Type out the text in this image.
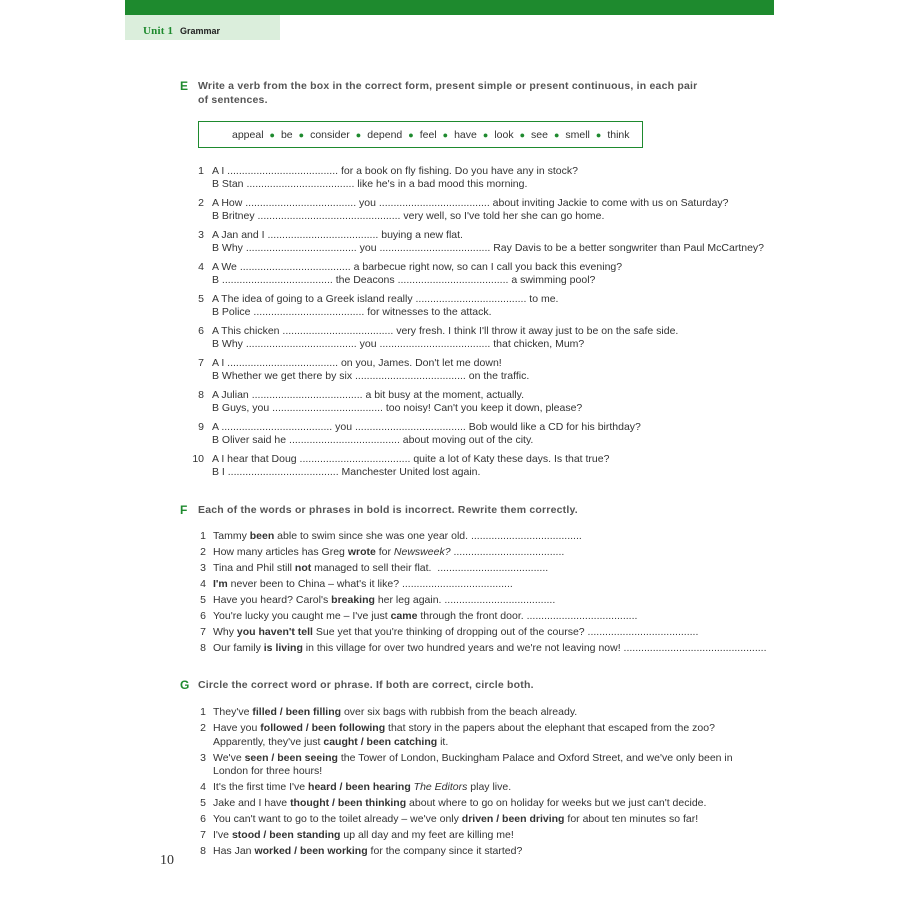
Unit 1 Grammar
E Write a verb from the box in the correct form, present simple or present continuous, in each pair
of sentences.
appeal ● be ● consider ● depend ● feel ● have ● look ● see ● smell ● think
1 A I ...................................... for a book on fly fishing. Do you have any in stock?
B Stan ..................................... like he's in a bad mood this morning.
2 A How ...................................... you ...................................... about inviting Jackie to come with us on Saturday?
B Britney ................................................. very well, so I've told her she can go home.
3 A Jan and I ...................................... buying a new flat.
B Why ...................................... you ...................................... Ray Davis to be a better songwriter than Paul McCartney?
4 A We ...................................... a barbecue right now, so can I call you back this evening?
B ...................................... the Deacons ...................................... a swimming pool?
5 A The idea of going to a Greek island really ...................................... to me.
B Police ...................................... for witnesses to the attack.
6 A This chicken ...................................... very fresh. I think I'll throw it away just to be on the safe side.
B Why ...................................... you ...................................... that chicken, Mum?
7 A I ...................................... on you, James. Don't let me down!
B Whether we get there by six ...................................... on the traffic.
8 A Julian ...................................... a bit busy at the moment, actually.
B Guys, you ...................................... too noisy! Can't you keep it down, please?
9 A ...................................... you ...................................... Bob would like a CD for his birthday?
B Oliver said he ...................................... about moving out of the city.
10 A I hear that Doug ...................................... quite a lot of Katy these days. Is that true?
B I ...................................... Manchester United lost again.
F Each of the words or phrases in bold is incorrect. Rewrite them correctly.
1 Tammy been able to swim since she was one year old. ......................................
2 How many articles has Greg wrote for Newsweek? ......................................
3 Tina and Phil still not managed to sell their flat.  ......................................
4 I'm never been to China – what's it like? ......................................
5 Have you heard? Carol's breaking her leg again. ......................................
6 You're lucky you caught me – I've just came through the front door. ......................................
7 Why you haven't tell Sue yet that you're thinking of dropping out of the course? ......................................
8 Our family is living in this village for over two hundred years and we're not leaving now! .................................................
G Circle the correct word or phrase. If both are correct, circle both.
1 They've filled / been filling over six bags with rubbish from the beach already.
2 Have you followed / been following that story in the papers about the elephant that escaped from the zoo?
Apparently, they've just caught / been catching it.
3 We've seen / been seeing the Tower of London, Buckingham Palace and Oxford Street, and we've only been in
London for three hours!
4 It's the first time I've heard / been hearing The Editors play live.
5 Jake and I have thought / been thinking about where to go on holiday for weeks but we just can't decide.
6 You can't want to go to the toilet already – we've only driven / been driving for about ten minutes so far!
7 I've stood / been standing up all day and my feet are killing me!
8 Has Jan worked / been working for the company since it started?
10
